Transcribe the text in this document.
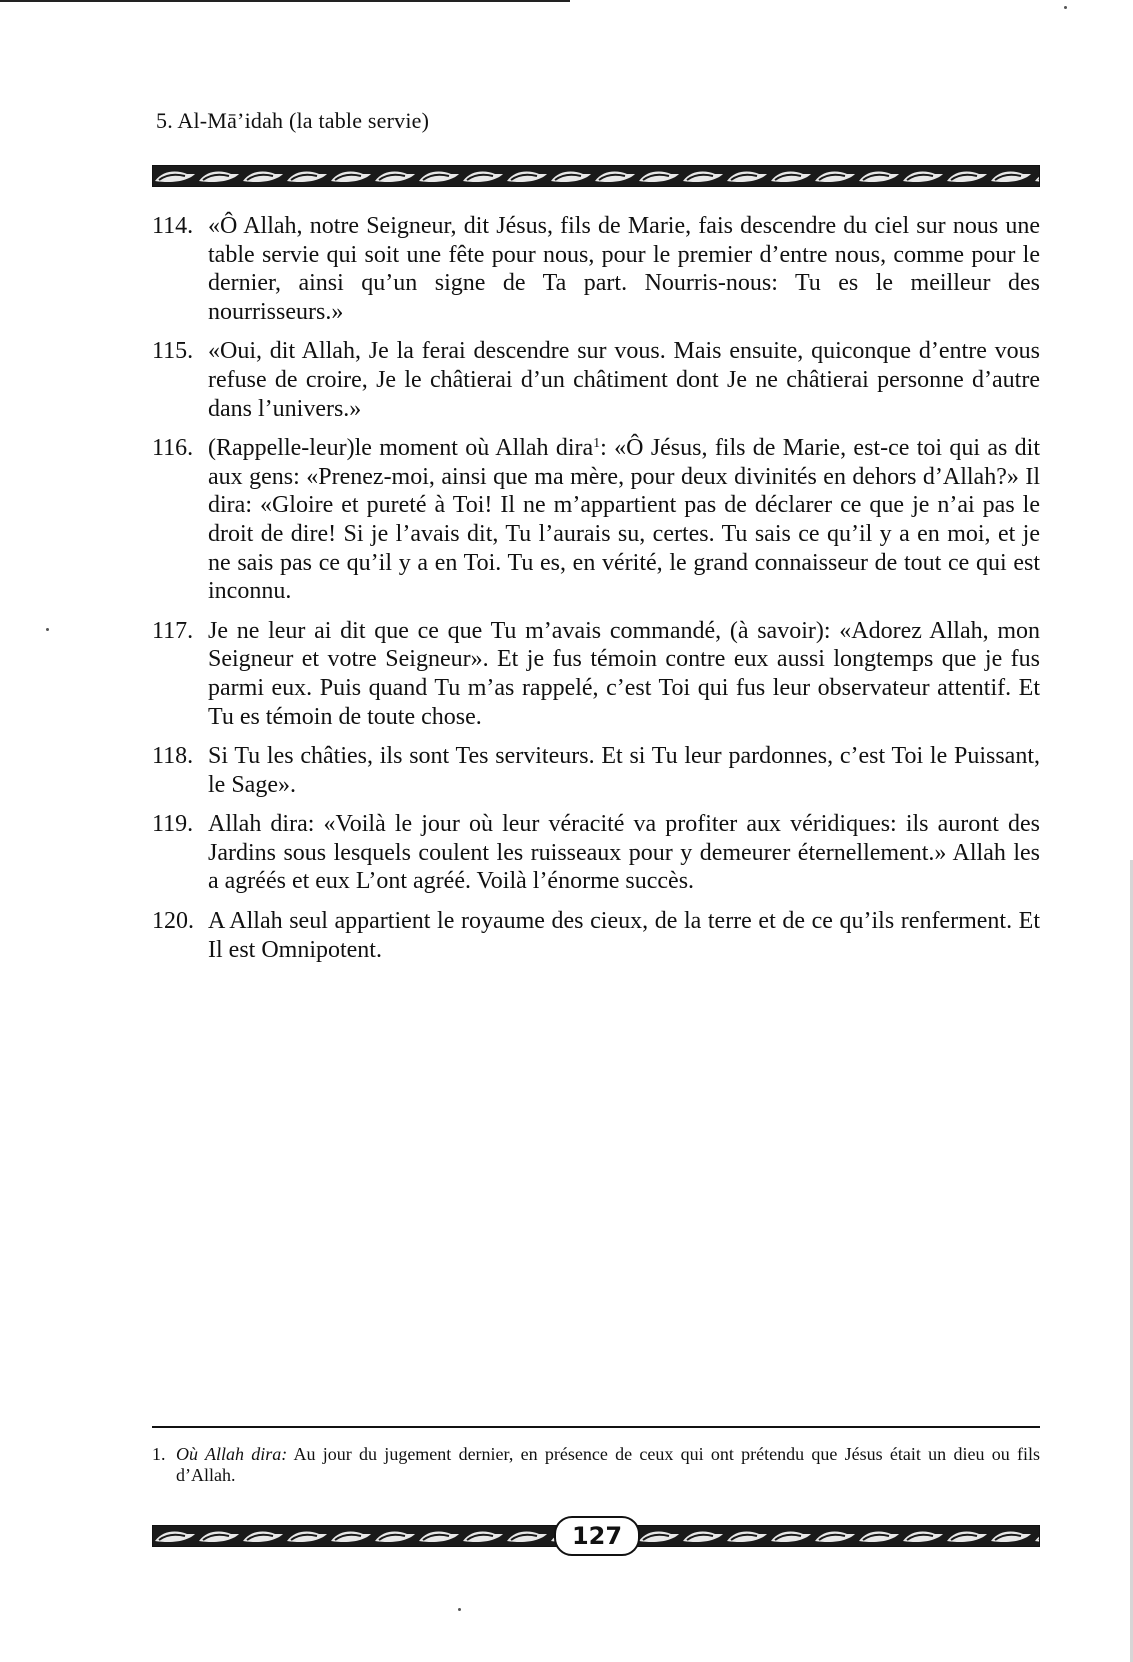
5. Al-Mā’idah (la table servie)
114. «Ô Allah, notre Seigneur, dit Jésus, fils de Marie, fais descendre du ciel sur nous une table servie qui soit une fête pour nous, pour le premier d’entre nous, comme pour le dernier, ainsi qu’un signe de Ta part. Nourris-nous: Tu es le meilleur des nourrisseurs.»
115. «Oui, dit Allah, Je la ferai descendre sur vous. Mais ensuite, quiconque d’entre vous refuse de croire, Je le châtierai d’un châtiment dont Je ne châtierai personne d’autre dans l’univers.»
116. (Rappelle-leur)le moment où Allah dira$^1$: «Ô Jésus, fils de Marie, est-ce toi qui as dit aux gens: «Prenez-moi, ainsi que ma mère, pour deux divinités en dehors d’Allah?» Il dira: «Gloire et pureté à Toi! Il ne m’appartient pas de déclarer ce que je n’ai pas le droit de dire! Si je l’avais dit, Tu l’aurais su, certes. Tu sais ce qu’il y a en moi, et je ne sais pas ce qu’il y a en Toi. Tu es, en vérité, le grand connaisseur de tout ce qui est inconnu.
117. Je ne leur ai dit que ce que Tu m’avais commandé, (à savoir): «Adorez Allah, mon Seigneur et votre Seigneur». Et je fus témoin contre eux aussi longtemps que je fus parmi eux. Puis quand Tu m’as rappelé, c’est Toi qui fus leur observateur attentif. Et Tu es témoin de toute chose.
118. Si Tu les châties, ils sont Tes serviteurs. Et si Tu leur pardonnes, c’est Toi le Puissant, le Sage».
119. Allah dira: «Voilà le jour où leur véracité va profiter aux véridiques: ils auront des Jardins sous lesquels coulent les ruisseaux pour y demeurer éternellement.» Allah les a agréés et eux L’ont agréé. Voilà l’énorme succès.
120. A Allah seul appartient le royaume des cieux, de la terre et de ce qu’ils renferment. Et Il est Omnipotent.
1. Où Allah dira: Au jour du jugement dernier, en présence de ceux qui ont prétendu que Jésus était un dieu ou fils d’Allah.
127
